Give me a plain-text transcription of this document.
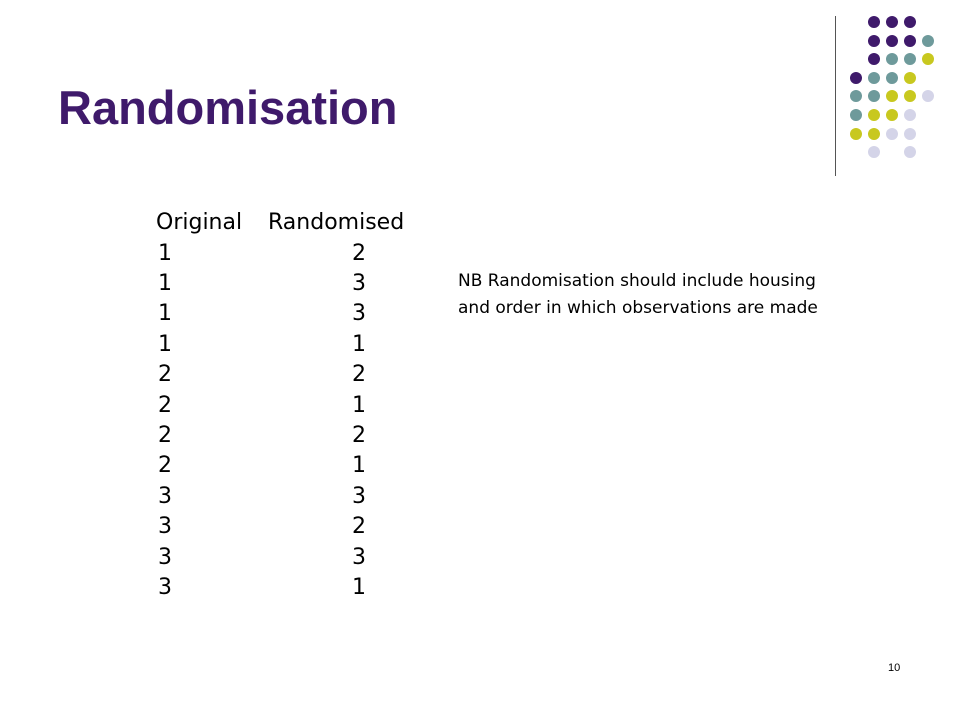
Randomisation
Original Randomised
1	2
1	3
1	3
1	1
2	2
2	1
2	2
2	1
3	3
3	2
3	3
3	1
NB Randomisation should include housing and order in which observations are made
10
